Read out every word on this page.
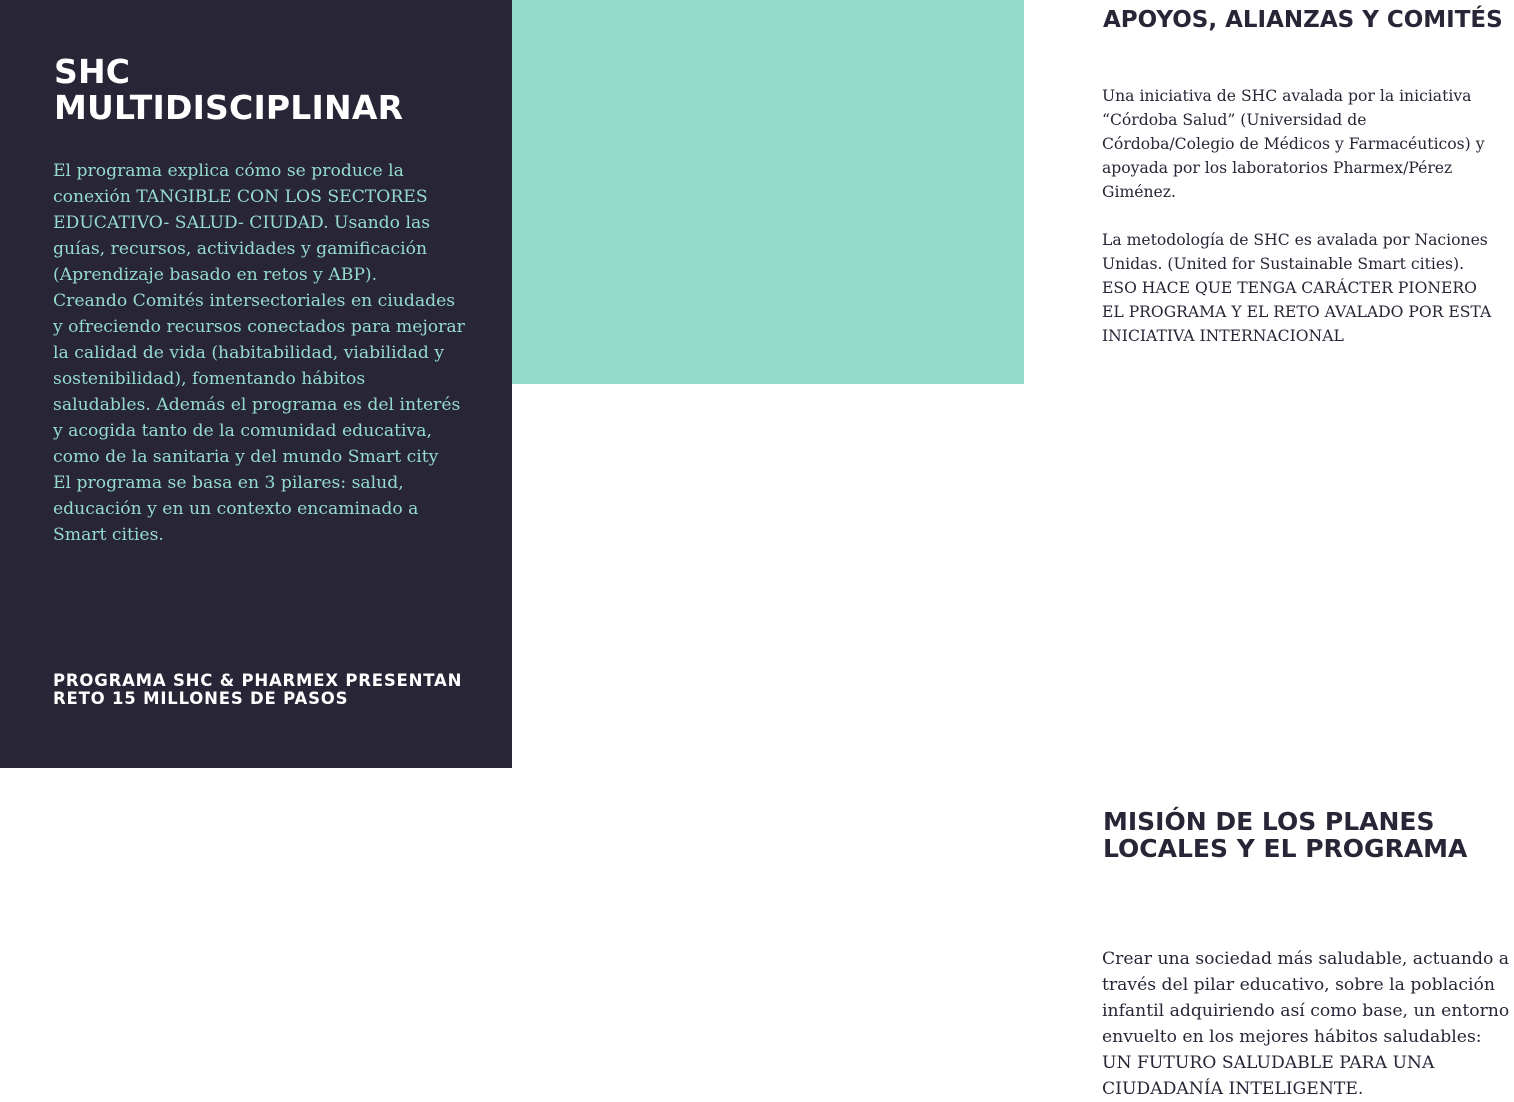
SHC
MULTIDISCIPLINAR

El programa explica cómo se produce la conexión TANGIBLE CON LOS SECTORES EDUCATIVO- SALUD- CIUDAD. Usando las guías, recursos, actividades y gamificación (Aprendizaje basado en retos y ABP).

Creando Comités intersectoriales en ciudades y ofreciendo recursos conectados para mejorar la calidad de vida (habitabilidad, viabilidad y sostenibilidad), fomentando hábitos saludables. Además el programa es del interés y acogida tanto de la comunidad educativa, como de la sanitaria y del mundo Smart city

El programa se basa en 3 pilares: salud, educación y en un contexto encaminado a Smart cities.

PROGRAMA SHC & PHARMEX PRESENTAN RETO 15 MILLONES DE PASOS
APOYOS, ALIANZAS Y COMITÉS

Una iniciativa de SHC avalada por la iniciativa “Córdoba Salud” (Universidad de Córdoba/Colegio de Médicos y Farmacéuticos) y apoyada por los laboratorios Pharmex/Pérez Giménez.

La metodología de SHC es avalada por Naciones Unidas. (United for Sustainable Smart cities). ESO HACE QUE TENGA CARÁCTER PIONERO EL PROGRAMA Y EL RETO AVALADO POR ESTA INICIATIVA INTERNACIONAL

MISIÓN DE LOS PLANES LOCALES Y EL PROGRAMA

Crear una sociedad más saludable, actuando a través del pilar educativo, sobre la población infantil adquiriendo así como base, un entorno envuelto en los mejores hábitos saludables: UN FUTURO SALUDABLE PARA UNA CIUDADANÍA INTELIGENTE.
